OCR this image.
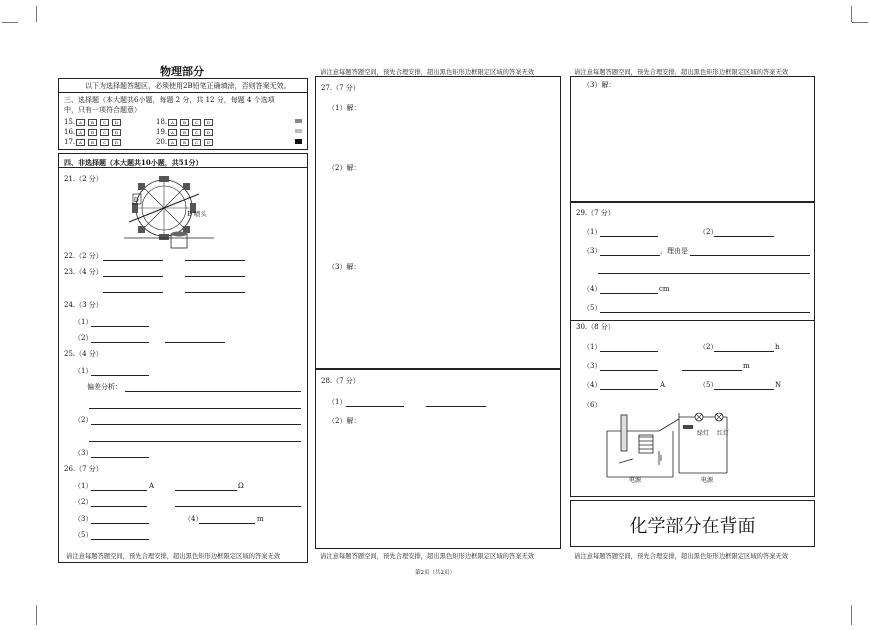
物理部分
以下为选择题答题区，必须使用2B铅笔正确填涂，否则答案无效。
三、选择题（本大题共6小题，每题 2 分，共 12 分，每题 4 个选项
中，只有一项符合题意）
15. A B C D	18. A B C D
16. A B C D	19. A B C D
17. A B C D	20. A B C D
四、非选择题（本大题共10小题，共51分）
21.（2 分）
D
B 喷头
22.（2 分）
23.（4 分）
24.（3 分）
（1）
（2）
25.（4 分）
（1）
偏差分析：
（2）
（3）
26.（7 分）
（1）	A	Ω
（2）
（3）	（4）	m
（5）
请注意每题答题空间，预先合理安排，超出黑色矩形边框限定区域的答案无效
请注意每题答题空间，预先合理安排，超出黑色矩形边框限定区域的答案无效
27.（7 分）
（1）解：
（2）解：
（3）解：
28.（7 分）
（1）
（2）解：
请注意每题答题空间，预先合理安排，超出黑色矩形边框限定区域的答案无效
请注意每题答题空间，预先合理安排，超出黑色矩形边框限定区域的答案无效
（3）解：
29.（7 分）
（1）	（2）
（3）	，理由是
（4）	cm
（5）
30.（8 分）
（1）	（2）	h
（3）	m
（4）	A	（5）	N
（6）
绿灯 红灯
电源	电源
化学部分在背面
请注意每题答题空间，预先合理安排，超出黑色矩形边框限定区域的答案无效
第2页（共2页）
